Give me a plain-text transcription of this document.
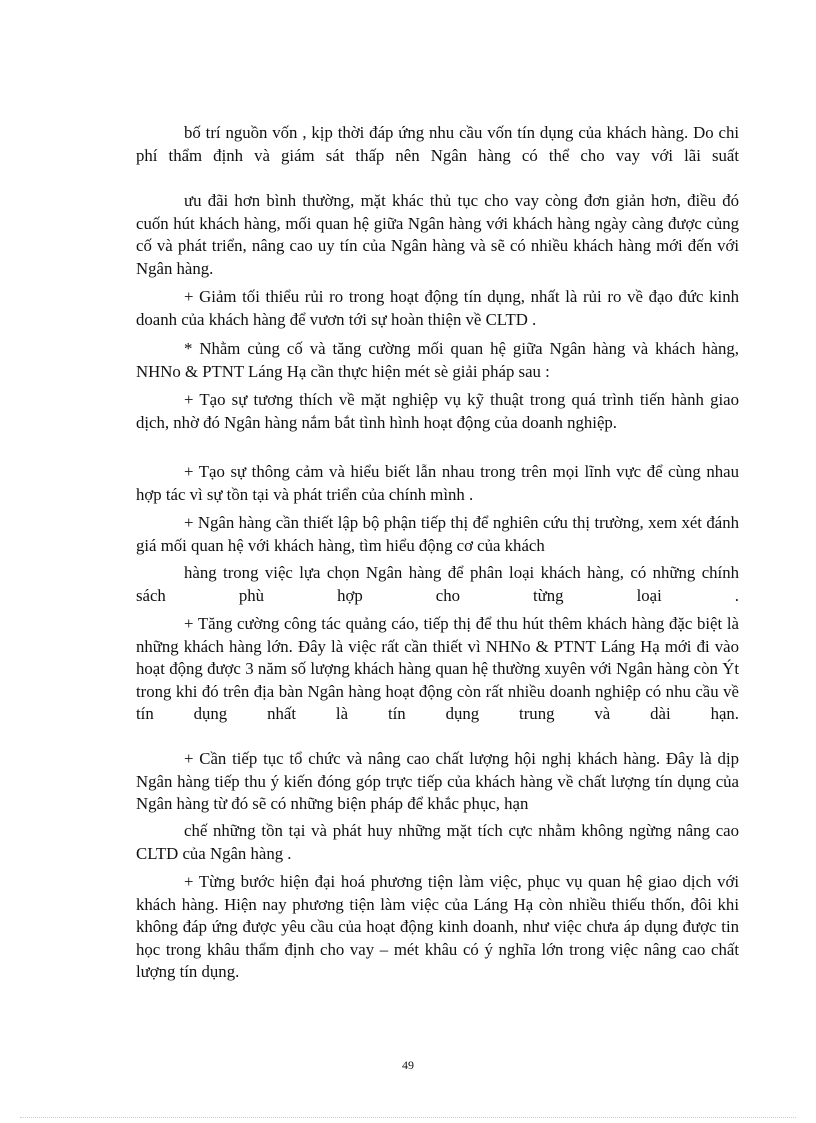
bố trí nguồn vốn , kịp thời đáp ứng nhu cầu vốn tín dụng của khách hàng. Do chi phí thẩm định và giám sát thấp nên Ngân hàng có thể cho vay với lãi suất

ưu đãi hơn bình thường, mặt khác thủ tục cho vay còng đơn giản hơn, điều đó cuốn hút khách hàng, mối quan hệ giữa Ngân hàng với khách hàng ngày càng được củng cố và phát triển, nâng cao uy tín của Ngân hàng và sẽ có nhiều khách hàng mới đến với Ngân hàng.

+ Giảm tối thiểu rủi ro trong hoạt động tín dụng, nhất là rủi ro về đạo đức kinh doanh của khách hàng để vươn tới sự hoàn thiện về CLTD .

* Nhằm củng cố và tăng cường mối quan hệ giữa Ngân hàng và khách hàng, NHNo & PTNT Láng Hạ cần thực hiện mét sè giải pháp sau :

+ Tạo sự tương thích về mặt nghiệp vụ kỹ thuật trong quá trình tiến hành giao dịch, nhờ đó Ngân hàng nắm bắt tình hình hoạt động của doanh nghiệp.

+ Tạo sự thông cảm và hiểu biết lẫn nhau trong trên mọi lĩnh vực để cùng nhau hợp tác vì sự tồn tại và phát triển của chính mình .

+ Ngân hàng cần thiết lập bộ phận tiếp thị để nghiên cứu thị trường, xem xét đánh giá mối quan hệ với khách hàng, tìm hiểu động cơ của khách

hàng trong việc lựa chọn Ngân hàng để phân loại khách hàng, có những chính sách phù hợp cho từng loại .

+ Tăng cường công tác quảng cáo, tiếp thị để thu hút thêm khách hàng đặc biệt là những khách hàng lớn. Đây là việc rất cần thiết vì NHNo & PTNT Láng Hạ mới đi vào hoạt động được 3 năm số lượng khách hàng quan hệ thường xuyên với Ngân hàng còn Ýt trong khi đó trên địa bàn Ngân hàng hoạt động còn rất nhiều doanh nghiệp có nhu cầu về tín dụng nhất là tín dụng trung và dài hạn.

+ Cần tiếp tục tổ chức và nâng cao chất lượng hội nghị khách hàng. Đây là dịp Ngân hàng tiếp thu ý kiến đóng góp trực tiếp của khách hàng về chất lượng tín dụng của Ngân hàng từ đó sẽ có những biện pháp để khắc phục, hạn

chế những tồn tại và phát huy những mặt tích cực nhằm không ngừng nâng cao CLTD của Ngân hàng .

+ Từng bước hiện đại hoá phương tiện làm việc, phục vụ quan hệ giao dịch với khách hàng. Hiện nay phương tiện làm việc của Láng Hạ còn nhiều thiếu thốn, đôi khi không đáp ứng được yêu cầu của hoạt động kinh doanh, như việc chưa áp dụng được tin học trong khâu thẩm định cho vay – mét khâu có ý nghĩa lớn trong việc nâng cao chất lượng tín dụng.

49
